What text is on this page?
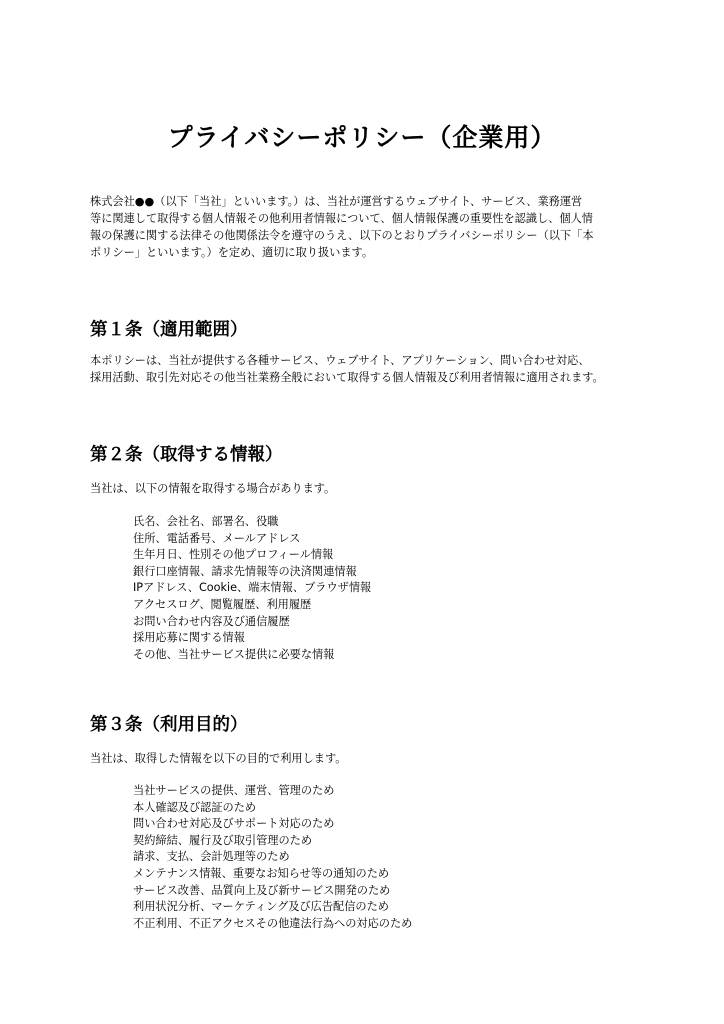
プライバシーポリシー（企業用）
株式会社●●（以下「当社」といいます。）は、当社が運営するウェブサイト、サービス、業務運営
等に関連して取得する個人情報その他利用者情報について、個人情報保護の重要性を認識し、個人情
報の保護に関する法律その他関係法令を遵守のうえ、以下のとおりプライバシーポリシー（以下「本
ポリシー」といいます。）を定め、適切に取り扱います。
第１条（適用範囲）
本ポリシーは、当社が提供する各種サービス、ウェブサイト、アプリケーション、問い合わせ対応、
採用活動、取引先対応その他当社業務全般において取得する個人情報及び利用者情報に適用されます。
第２条（取得する情報）
当社は、以下の情報を取得する場合があります。
氏名、会社名、部署名、役職
住所、電話番号、メールアドレス
生年月日、性別その他プロフィール情報
銀行口座情報、請求先情報等の決済関連情報
IPアドレス、Cookie、端末情報、ブラウザ情報
アクセスログ、閲覧履歴、利用履歴
お問い合わせ内容及び通信履歴
採用応募に関する情報
その他、当社サービス提供に必要な情報
第３条（利用目的）
当社は、取得した情報を以下の目的で利用します。
当社サービスの提供、運営、管理のため
本人確認及び認証のため
問い合わせ対応及びサポート対応のため
契約締結、履行及び取引管理のため
請求、支払、会計処理等のため
メンテナンス情報、重要なお知らせ等の通知のため
サービス改善、品質向上及び新サービス開発のため
利用状況分析、マーケティング及び広告配信のため
不正利用、不正アクセスその他違法行為への対応のため
